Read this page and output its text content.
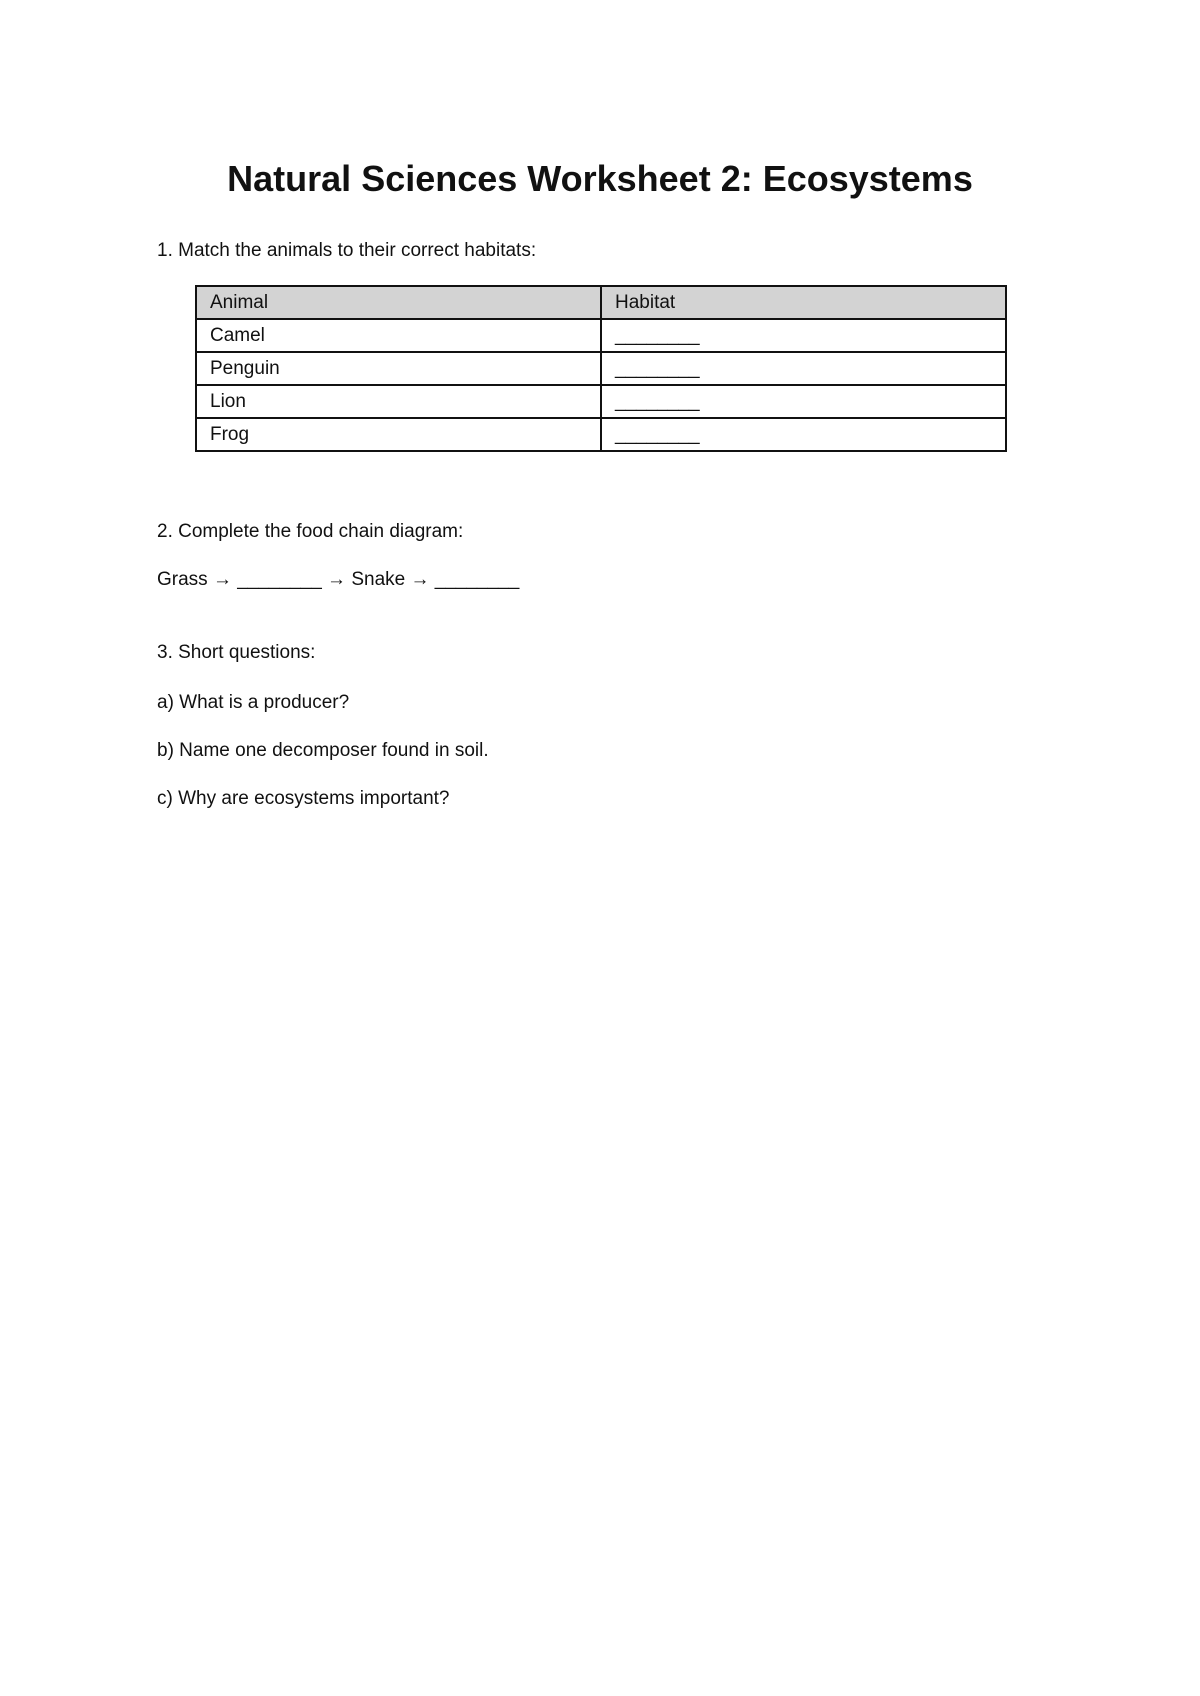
Natural Sciences Worksheet 2: Ecosystems

1. Match the animals to their correct habitats:

Animal	Habitat
Camel	________
Penguin	________
Lion	________
Frog	________

2. Complete the food chain diagram:

Grass → ________ → Snake → ________

3. Short questions:

a) What is a producer?

b) Name one decomposer found in soil.

c) Why are ecosystems important?
